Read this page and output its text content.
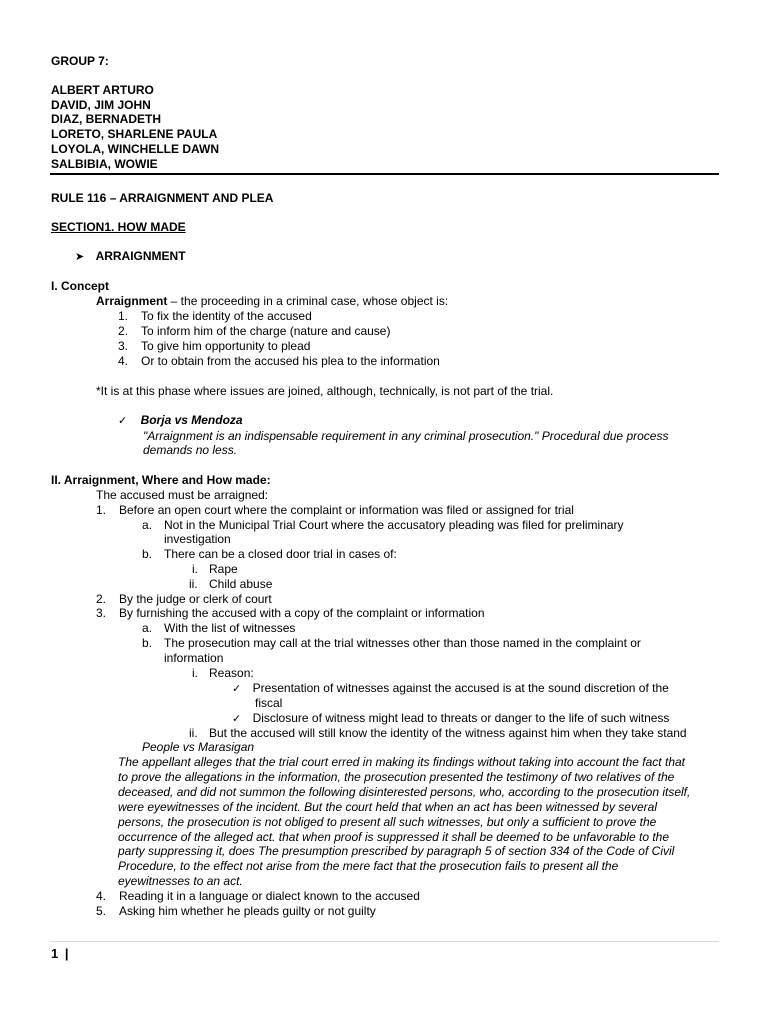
GROUP 7:
ALBERT ARTURO
DAVID, JIM JOHN
DIAZ, BERNADETH
LORETO, SHARLENE PAULA
LOYOLA, WINCHELLE DAWN
SALBIBIA, WOWIE
RULE 116 – ARRAIGNMENT AND PLEA
SECTION1. HOW MADE
➤ ARRAIGNMENT
I. Concept
Arraignment – the proceeding in a criminal case, whose object is:
1. To fix the identity of the accused
2. To inform him of the charge (nature and cause)
3. To give him opportunity to plead
4. Or to obtain from the accused his plea to the information
*It is at this phase where issues are joined, although, technically, is not part of the trial.
✓ Borja vs Mendoza
"Arraignment is an indispensable requirement in any criminal prosecution." Procedural due process
demands no less.
II. Arraignment, Where and How made:
The accused must be arraigned:
1. Before an open court where the complaint or information was filed or assigned for trial
a. Not in the Municipal Trial Court where the accusatory pleading was filed for preliminary
investigation
b. There can be a closed door trial in cases of:
i. Rape
ii. Child abuse
2. By the judge or clerk of court
3. By furnishing the accused with a copy of the complaint or information
a. With the list of witnesses
b. The prosecution may call at the trial witnesses other than those named in the complaint or
information
i. Reason:
✓ Presentation of witnesses against the accused is at the sound discretion of the
fiscal
✓ Disclosure of witness might lead to threats or danger to the life of such witness
ii. But the accused will still know the identity of the witness against him when they take stand
People vs Marasigan
The appellant alleges that the trial court erred in making its findings without taking into account the fact that
to prove the allegations in the information, the prosecution presented the testimony of two relatives of the
deceased, and did not summon the following disinterested persons, who, according to the prosecution itself,
were eyewitnesses of the incident. But the court held that when an act has been witnessed by several
persons, the prosecution is not obliged to present all such witnesses, but only a sufficient to prove the
occurrence of the alleged act. that when proof is suppressed it shall be deemed to be unfavorable to the
party suppressing it, does The presumption prescribed by paragraph 5 of section 334 of the Code of Civil
Procedure, to the effect not arise from the mere fact that the prosecution fails to present all the
eyewitnesses to an act.
4. Reading it in a language or dialect known to the accused
5. Asking him whether he pleads guilty or not guilty
1 |
